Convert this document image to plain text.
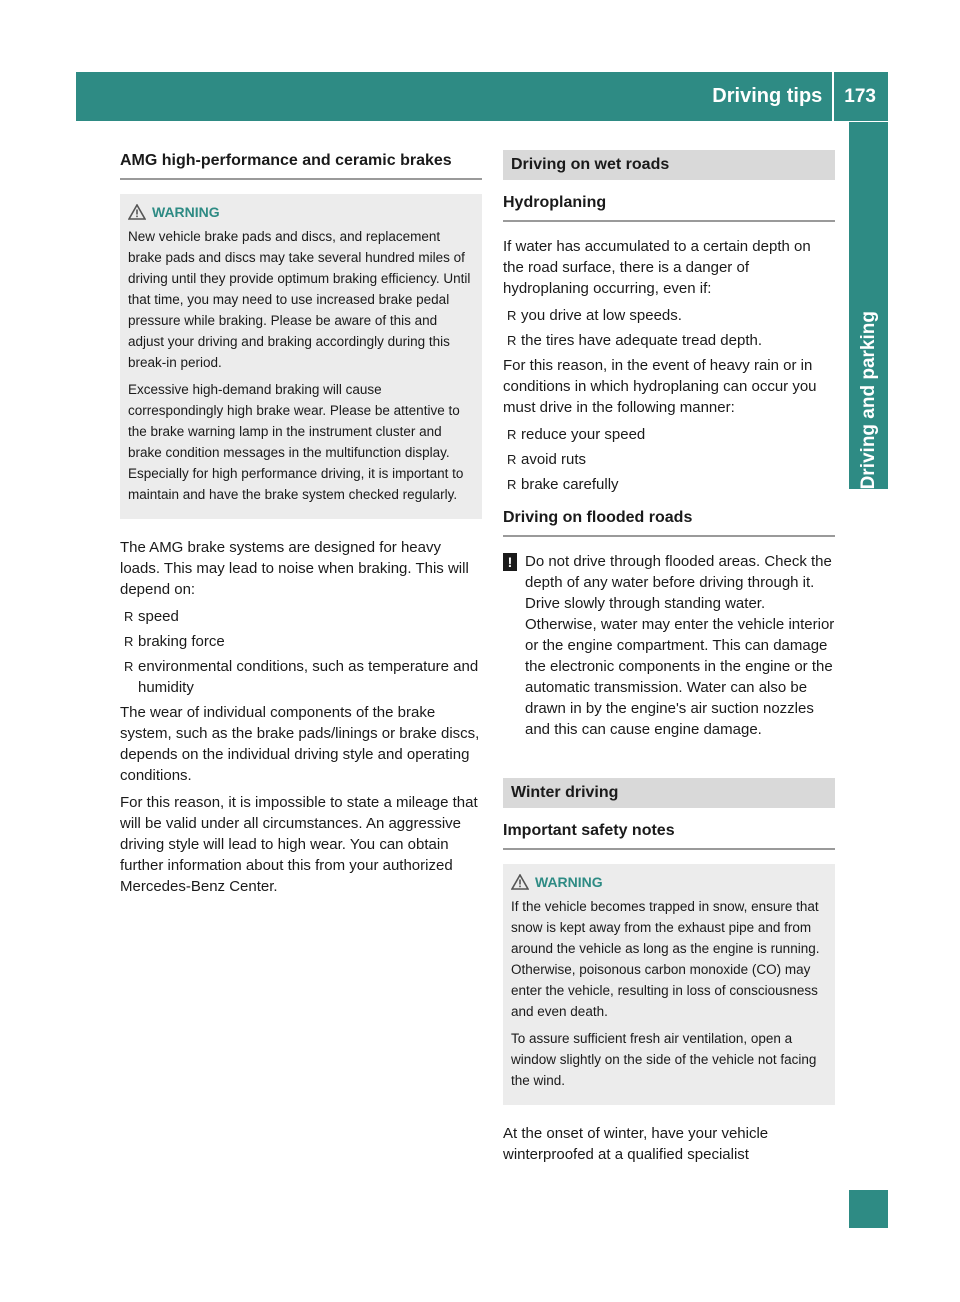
Driving tips	173
Driving and parking
AMG high-performance and ceramic brakes
WARNING

New vehicle brake pads and discs, and replacement brake pads and discs may take several hundred miles of driving until they provide optimum braking efficiency. Until that time, you may need to use increased brake pedal pressure while braking. Please be aware of this and adjust your driving and braking accordingly during this break-in period.

Excessive high-demand braking will cause correspondingly high brake wear. Please be attentive to the brake warning lamp in the instrument cluster and brake condition messages in the multifunction display. Especially for high performance driving, it is important to maintain and have the brake system checked regularly.

The AMG brake systems are designed for heavy loads. This may lead to noise when braking. This will depend on:

R speed
R braking force
R environmental conditions, such as temperature and humidity

The wear of individual components of the brake system, such as the brake pads/linings or brake discs, depends on the individual driving style and operating conditions.

For this reason, it is impossible to state a mileage that will be valid under all circumstances. An aggressive driving style will lead to high wear. You can obtain further information about this from your authorized Mercedes-Benz Center.

Driving on wet roads
Hydroplaning

If water has accumulated to a certain depth on the road surface, there is a danger of hydroplaning occurring, even if:

R you drive at low speeds.
R the tires have adequate tread depth.

For this reason, in the event of heavy rain or in conditions in which hydroplaning can occur you must drive in the following manner:

R reduce your speed
R avoid ruts
R brake carefully
Driving on flooded roads
! Do not drive through flooded areas. Check the depth of any water before driving through it. Drive slowly through standing water. Otherwise, water may enter the vehicle interior or the engine compartment. This can damage the electronic components in the engine or the automatic transmission. Water can also be drawn in by the engine's air suction nozzles and this can cause engine damage.
Winter driving
Important safety notes
WARNING

If the vehicle becomes trapped in snow, ensure that snow is kept away from the exhaust pipe and from around the vehicle as long as the engine is running. Otherwise, poisonous carbon monoxide (CO) may enter the vehicle, resulting in loss of consciousness and even death.

To assure sufficient fresh air ventilation, open a window slightly on the side of the vehicle not facing the wind.

At the onset of winter, have your vehicle winterproofed at a qualified specialist
